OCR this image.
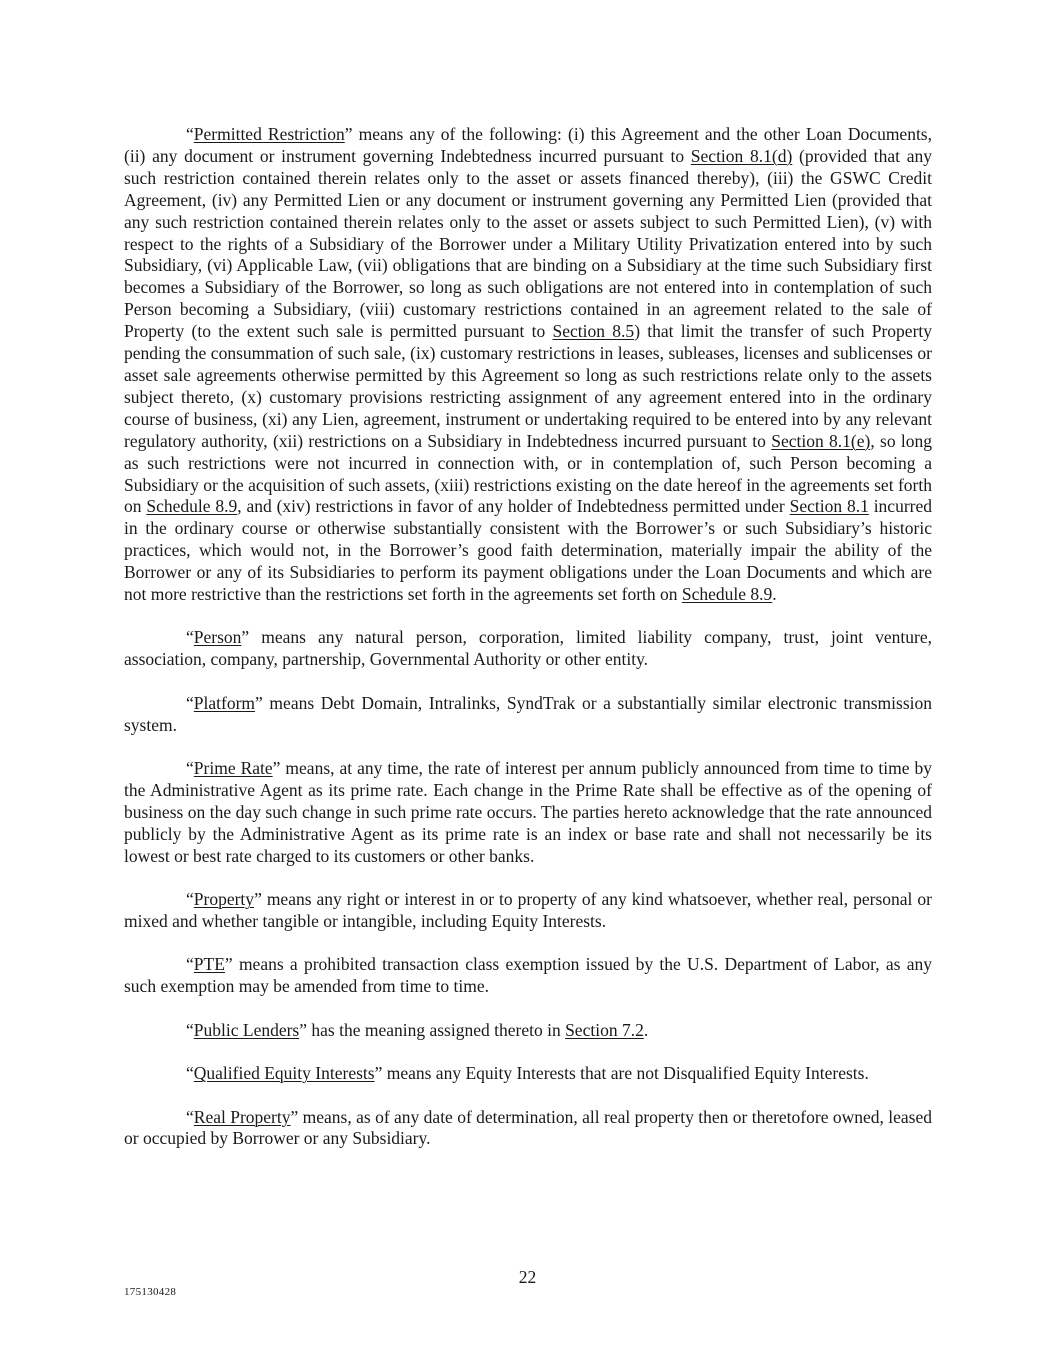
“Permitted Restriction” means any of the following: (i) this Agreement and the other Loan Documents, (ii) any document or instrument governing Indebtedness incurred pursuant to Section 8.1(d) (provided that any such restriction contained therein relates only to the asset or assets financed thereby), (iii) the GSWC Credit Agreement, (iv) any Permitted Lien or any document or instrument governing any Permitted Lien (provided that any such restriction contained therein relates only to the asset or assets subject to such Permitted Lien), (v) with respect to the rights of a Subsidiary of the Borrower under a Military Utility Privatization entered into by such Subsidiary, (vi) Applicable Law, (vii) obligations that are binding on a Subsidiary at the time such Subsidiary first becomes a Subsidiary of the Borrower, so long as such obligations are not entered into in contemplation of such Person becoming a Subsidiary, (viii) customary restrictions contained in an agreement related to the sale of Property (to the extent such sale is permitted pursuant to Section 8.5) that limit the transfer of such Property pending the consummation of such sale, (ix) customary restrictions in leases, subleases, licenses and sublicenses or asset sale agreements otherwise permitted by this Agreement so long as such restrictions relate only to the assets subject thereto, (x) customary provisions restricting assignment of any agreement entered into in the ordinary course of business, (xi) any Lien, agreement, instrument or undertaking required to be entered into by any relevant regulatory authority, (xii) restrictions on a Subsidiary in Indebtedness incurred pursuant to Section 8.1(e), so long as such restrictions were not incurred in connection with, or in contemplation of, such Person becoming a Subsidiary or the acquisition of such assets, (xiii) restrictions existing on the date hereof in the agreements set forth on Schedule 8.9, and (xiv) restrictions in favor of any holder of Indebtedness permitted under Section 8.1 incurred in the ordinary course or otherwise substantially consistent with the Borrower’s or such Subsidiary’s historic practices, which would not, in the Borrower’s good faith determination, materially impair the ability of the Borrower or any of its Subsidiaries to perform its payment obligations under the Loan Documents and which are not more restrictive than the restrictions set forth in the agreements set forth on Schedule 8.9.

“Person” means any natural person, corporation, limited liability company, trust, joint venture, association, company, partnership, Governmental Authority or other entity.

“Platform” means Debt Domain, Intralinks, SyndTrak or a substantially similar electronic transmission system.

“Prime Rate” means, at any time, the rate of interest per annum publicly announced from time to time by the Administrative Agent as its prime rate. Each change in the Prime Rate shall be effective as of the opening of business on the day such change in such prime rate occurs. The parties hereto acknowledge that the rate announced publicly by the Administrative Agent as its prime rate is an index or base rate and shall not necessarily be its lowest or best rate charged to its customers or other banks.

“Property” means any right or interest in or to property of any kind whatsoever, whether real, personal or mixed and whether tangible or intangible, including Equity Interests.

“PTE” means a prohibited transaction class exemption issued by the U.S. Department of Labor, as any such exemption may be amended from time to time.

“Public Lenders” has the meaning assigned thereto in Section 7.2.

“Qualified Equity Interests” means any Equity Interests that are not Disqualified Equity Interests.

“Real Property” means, as of any date of determination, all real property then or theretofore owned, leased or occupied by Borrower or any Subsidiary.

22
175130428
